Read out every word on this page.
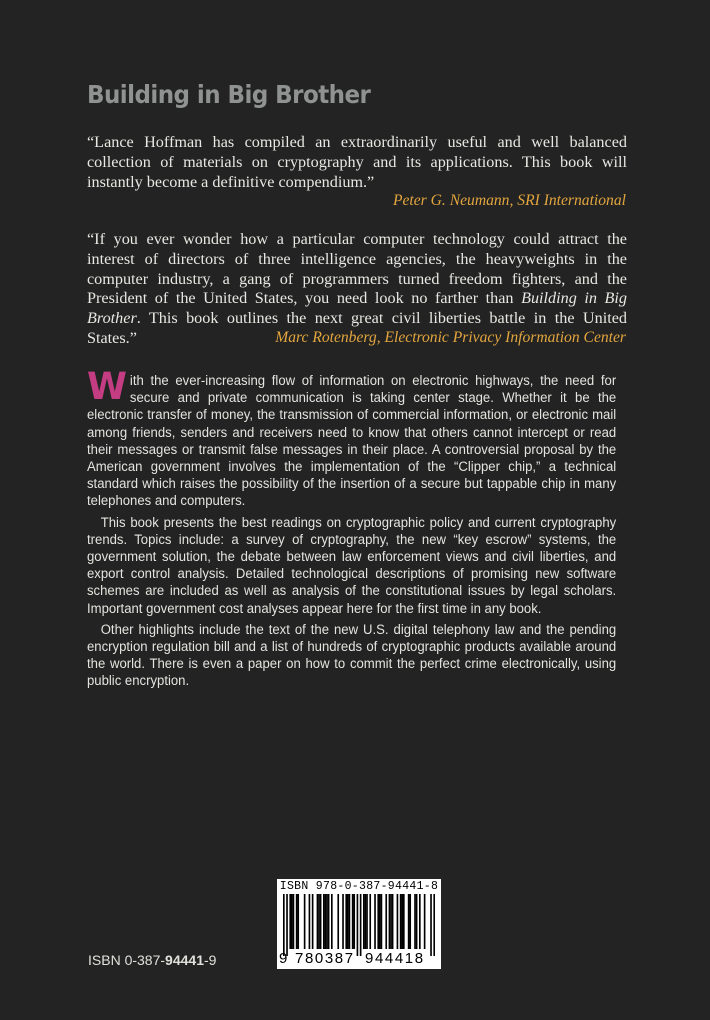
Building in Big Brother
“Lance Hoffman has compiled an extraordinarily useful and well balanced collection of materials on cryptography and its applications. This book will instantly become a definitive compendium.”
Peter G. Neumann, SRI International
“If you ever wonder how a particular computer technology could attract the interest of directors of three intelligence agencies, the heavyweights in the computer industry, a gang of programmers turned freedom fighters, and the President of the United States, you need look no farther than Building in Big Brother. This book outlines the next great civil liberties battle in the United States.”	Marc Rotenberg, Electronic Privacy Information Center

With the ever-increasing flow of information on electronic highways, the need for secure and private communication is taking center stage. Whether it be the electronic transfer of money, the transmission of commercial information, or electronic mail among friends, senders and receivers need to know that others cannot intercept or read their messages or transmit false messages in their place. A controversial proposal by the American government involves the implementation of the “Clipper chip,” a technical standard which raises the possibility of the insertion of a secure but tappable chip in many telephones and computers.

This book presents the best readings on cryptographic policy and current cryptography trends. Topics include: a survey of cryptography, the new “key escrow” systems, the government solution, the debate between law enforcement views and civil liberties, and export control analysis. Detailed technological descriptions of promising new software schemes are included as well as analysis of the constitutional issues by legal scholars. Important government cost analyses appear here for the first time in any book.

Other highlights include the text of the new U.S. digital telephony law and the pending encryption regulation bill and a list of hundreds of cryptographic products available around the world. There is even a paper on how to commit the perfect crime electronically, using public encryption.

ISBN 0-387-94441-9
ISBN 978-0-387-94441-8
9 780387 944418
